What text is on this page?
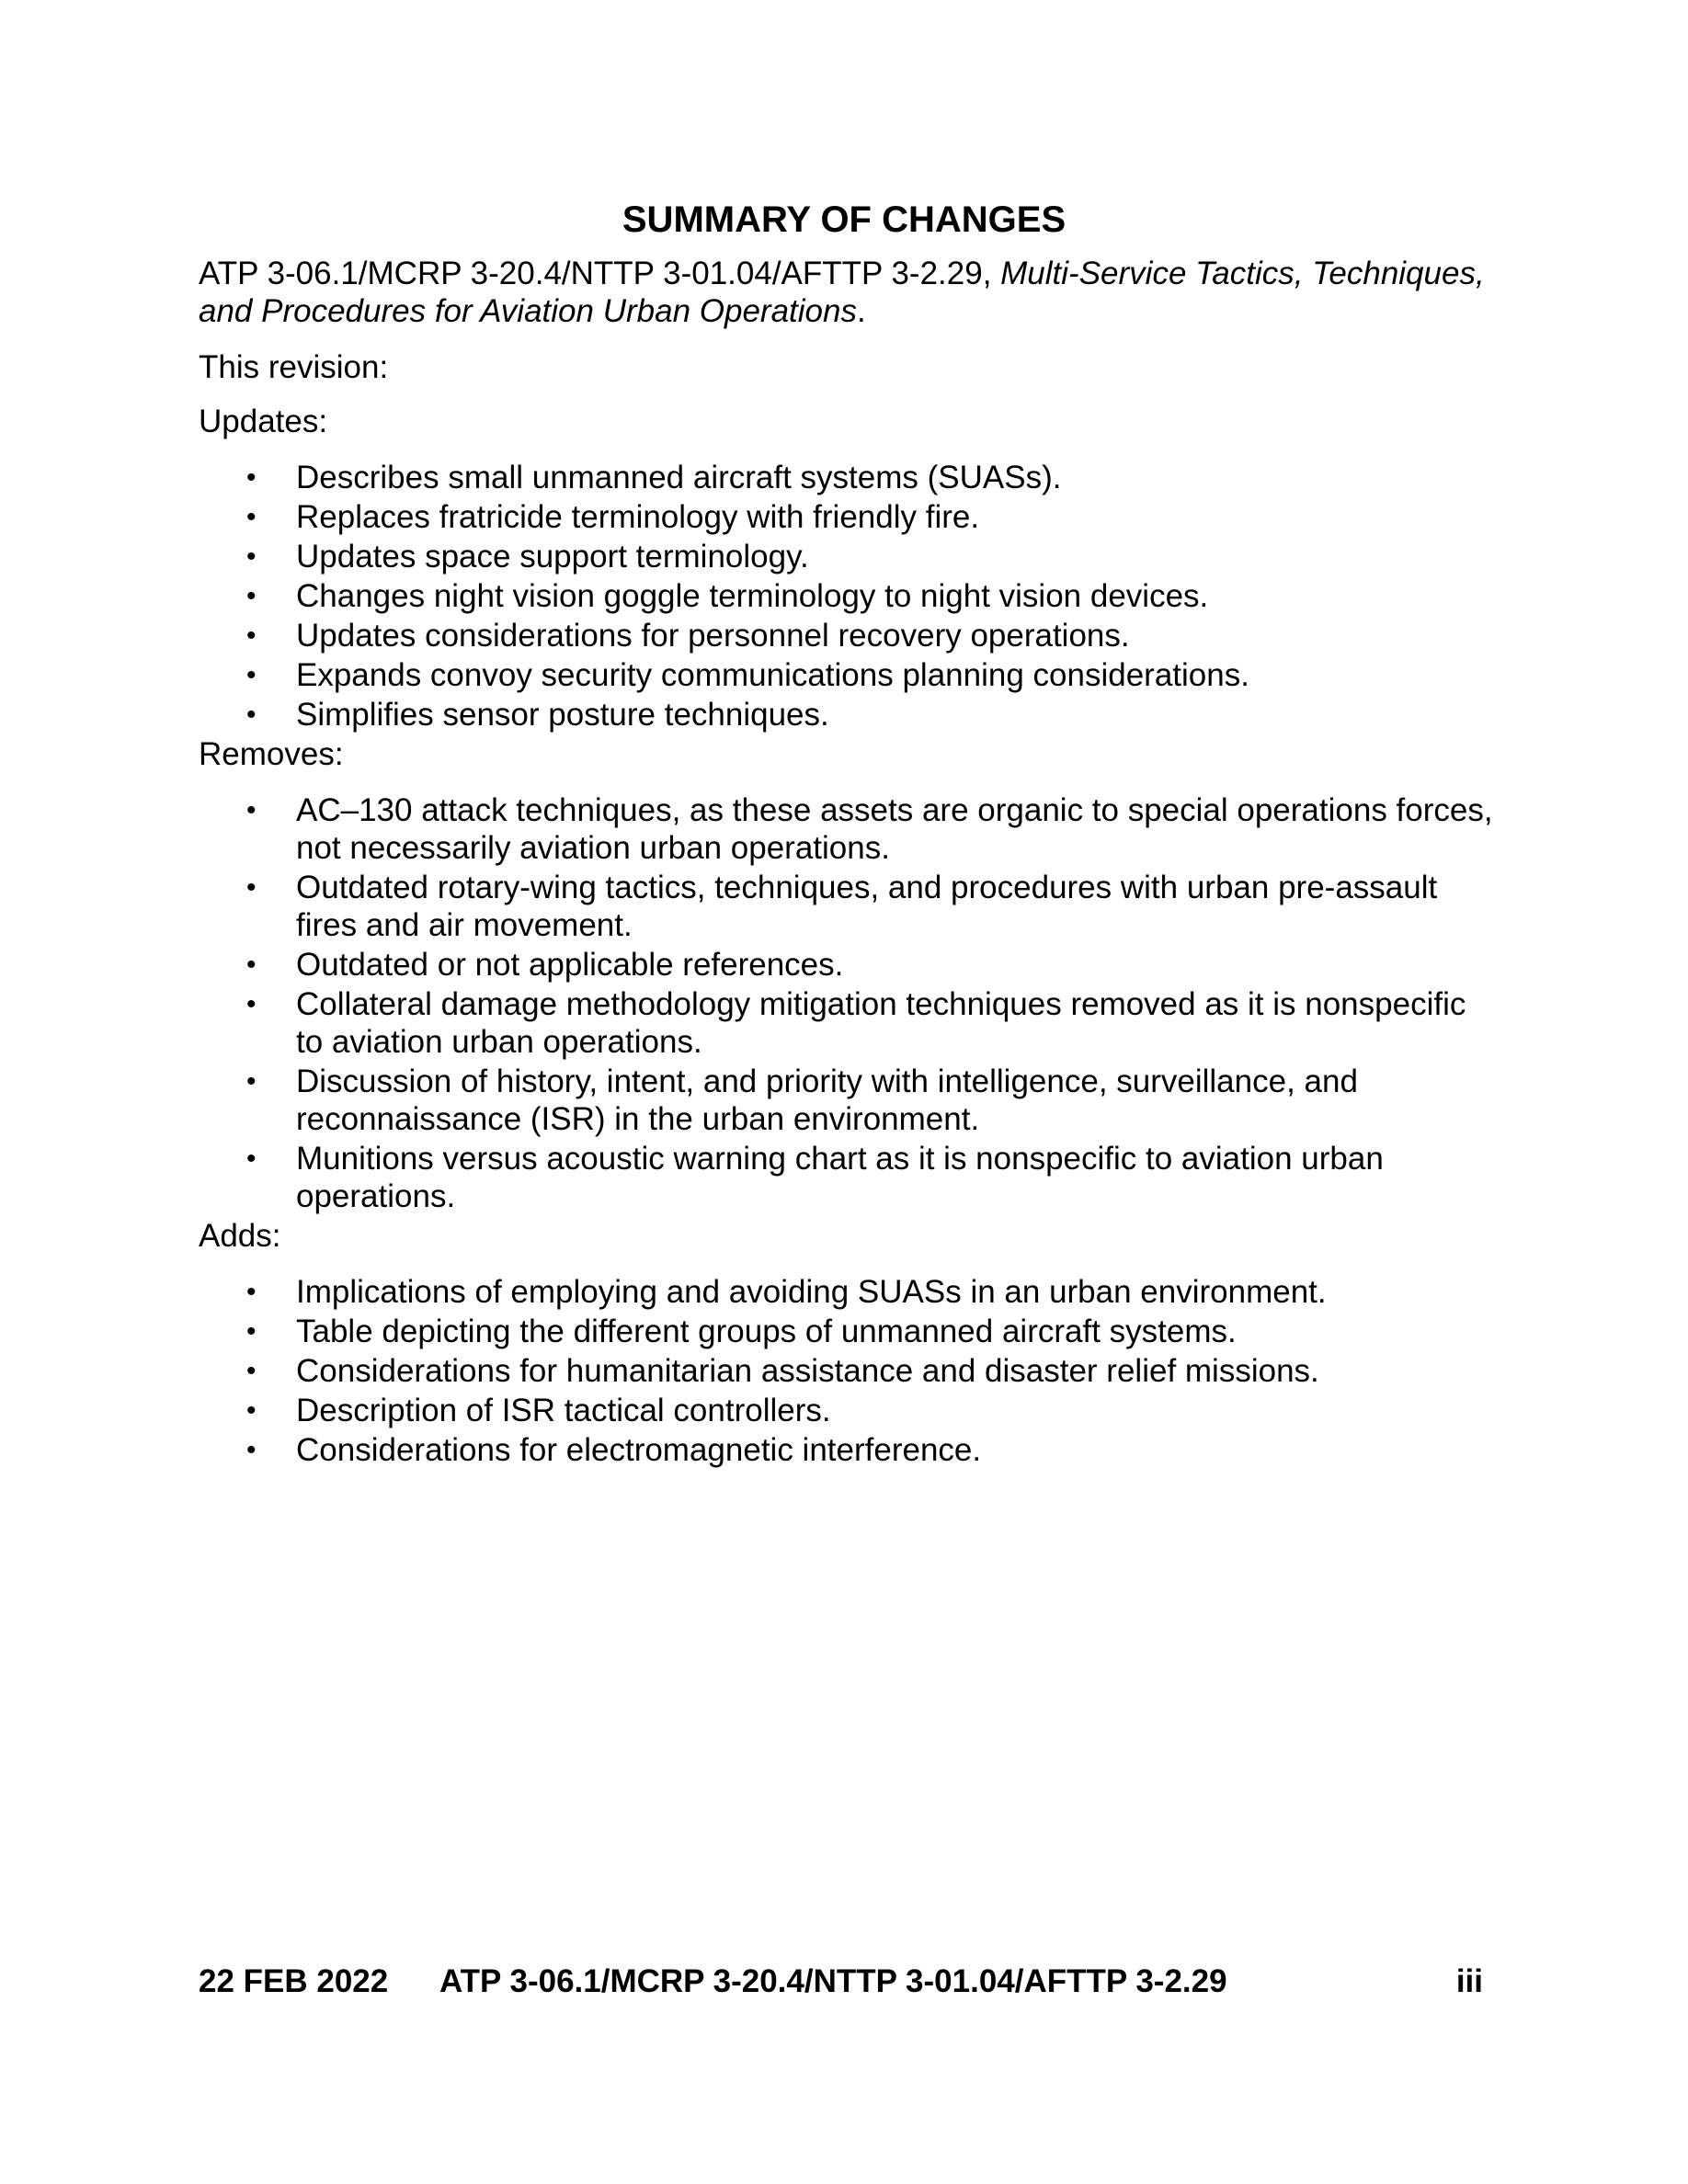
SUMMARY OF CHANGES

ATP 3-06.1/MCRP 3-20.4/NTTP 3-01.04/AFTTP 3-2.29, Multi-Service Tactics, Techniques, and Procedures for Aviation Urban Operations.

This revision:

Updates:

• Describes small unmanned aircraft systems (SUASs).
• Replaces fratricide terminology with friendly fire.
• Updates space support terminology.
• Changes night vision goggle terminology to night vision devices.
• Updates considerations for personnel recovery operations.
• Expands convoy security communications planning considerations.
• Simplifies sensor posture techniques.

Removes:

• AC–130 attack techniques, as these assets are organic to special operations forces, not necessarily aviation urban operations.
• Outdated rotary-wing tactics, techniques, and procedures with urban pre-assault fires and air movement.
• Outdated or not applicable references.
• Collateral damage methodology mitigation techniques removed as it is nonspecific to aviation urban operations.
• Discussion of history, intent, and priority with intelligence, surveillance, and reconnaissance (ISR) in the urban environment.
• Munitions versus acoustic warning chart as it is nonspecific to aviation urban operations.

Adds:

• Implications of employing and avoiding SUASs in an urban environment.
• Table depicting the different groups of unmanned aircraft systems.
• Considerations for humanitarian assistance and disaster relief missions.
• Description of ISR tactical controllers.
• Considerations for electromagnetic interference.
22 FEB 2022 ATP 3-06.1/MCRP 3-20.4/NTTP 3-01.04/AFTTP 3-2.29	iii
